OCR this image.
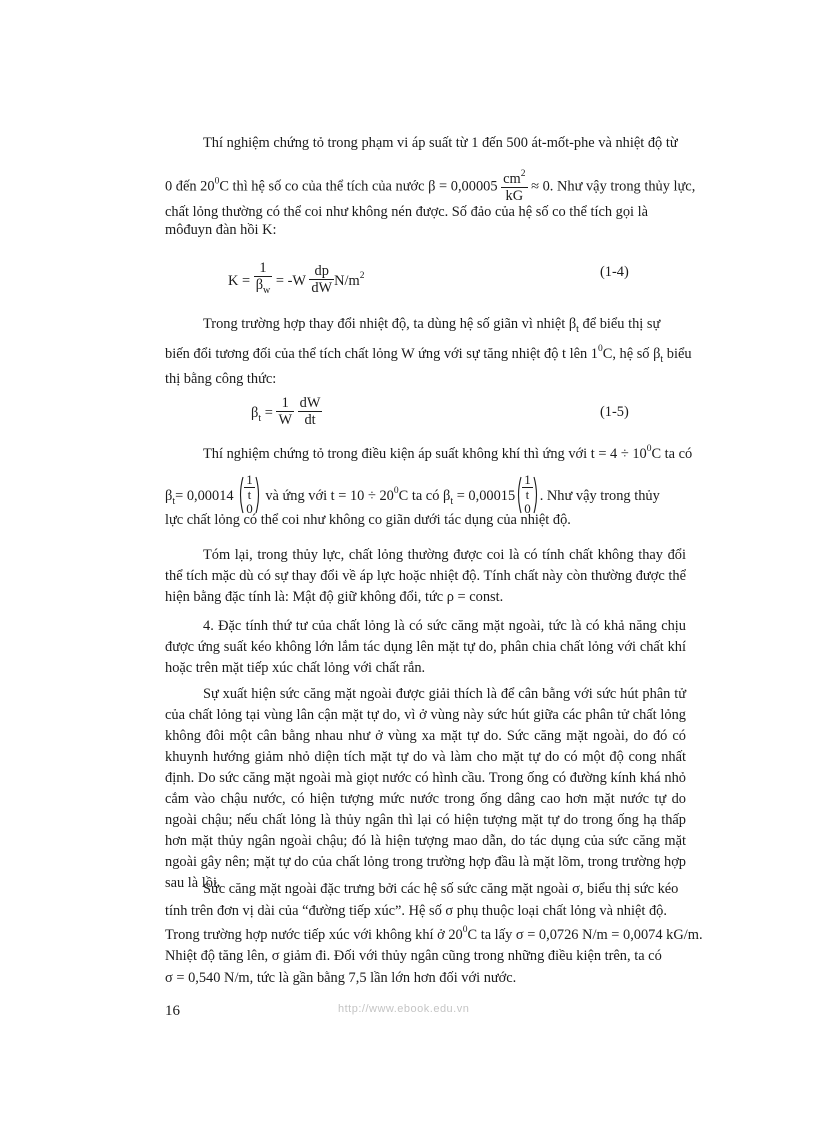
Thí nghiệm chứng tỏ trong phạm vi áp suất từ 1 đến 500 át-mốt-phe và nhiệt độ từ
0 đến $20^0C$ thì hệ số co của thể tích của nước $\beta = 0,00005 \frac{cm^2}{kG} \approx 0$. Như vậy trong thủy lực,
chất lỏng thường có thể coi như không nén được. Số đảo của hệ số co thể tích gọi là
môđuyn đàn hồi K:
$K = \frac{1}{\beta_w} = -W \frac{dp}{dW} N/m^2$	(1-4)
Trong trường hợp thay đổi nhiệt độ, ta dùng hệ số giãn vì nhiệt $\beta_t$ để biểu thị sự
biến đổi tương đối của thể tích chất lỏng W ứng với sự tăng nhiệt độ t lên $1^0C$, hệ số $\beta_t$ biểu
thị bằng công thức:
$\beta_t = \frac{1}{W}$
$\frac{dW}{dt}$	(1-5)
Thí nghiệm chứng tỏ trong điều kiện áp suất không khí thì ứng với $t = 4 \div 10^0C$ ta có
$\beta_t= 0,00014$ 1
t
0 và ứng với $t = 10 \div 20^0C$ ta có $\beta_t = 0,00015$ 1
t
0 . Như vậy trong thủy
lực chất lỏng có thể coi như không co giãn dưới tác dụng của nhiệt độ.

Tóm lại, trong thủy lực, chất lỏng thường được coi là có tính chất không thay đổi thể tích mặc dù có sự thay đổi về áp lực hoặc nhiệt độ. Tính chất này còn thường được thể hiện bằng đặc tính là: Mật độ giữ không đổi, tức ρ = const.

4. Đặc tính thứ tư của chất lỏng là có sức căng mặt ngoài, tức là có khả năng chịu được ứng suất kéo không lớn lắm tác dụng lên mặt tự do, phân chia chất lỏng với chất khí hoặc trên mặt tiếp xúc chất lỏng với chất rắn.

Sự xuất hiện sức căng mặt ngoài được giải thích là để cân bằng với sức hút phân tử của chất lỏng tại vùng lân cận mặt tự do, vì ở vùng này sức hút giữa các phân tử chất lỏng không đôi một cân bằng nhau như ở vùng xa mặt tự do. Sức căng mặt ngoài, do đó có khuynh hướng giảm nhỏ diện tích mặt tự do và làm cho mặt tự do có một độ cong nhất định. Do sức căng mặt ngoài mà giọt nước có hình cầu. Trong ống có đường kính khá nhỏ cắm vào chậu nước, có hiện tượng mức nước trong ống dâng cao hơn mặt nước tự do ngoài chậu; nếu chất lỏng là thủy ngân thì lại có hiện tượng mặt tự do trong ống hạ thấp hơn mặt thủy ngân ngoài chậu; đó là hiện tượng mao dẫn, do tác dụng của sức căng mặt ngoài gây nên; mặt tự do của chất lỏng trong trường hợp đầu là mặt lõm, trong trường hợp sau là lồi.

Sức căng mặt ngoài đặc trưng bởi các hệ số sức căng mặt ngoài σ, biểu thị sức kéo
tính trên đơn vị dài của “đường tiếp xúc”. Hệ số σ phụ thuộc loại chất lỏng và nhiệt độ.
Trong trường hợp nước tiếp xúc với không khí ở $20^0C$ ta lấy σ = 0,0726 N/m = 0,0074 kG/m.
Nhiệt độ tăng lên, σ giảm đi. Đối với thủy ngân cũng trong những điều kiện trên, ta có
σ = 0,540 N/m, tức là gần bằng 7,5 lần lớn hơn đối với nước.
16	http://www.ebook.edu.vn
